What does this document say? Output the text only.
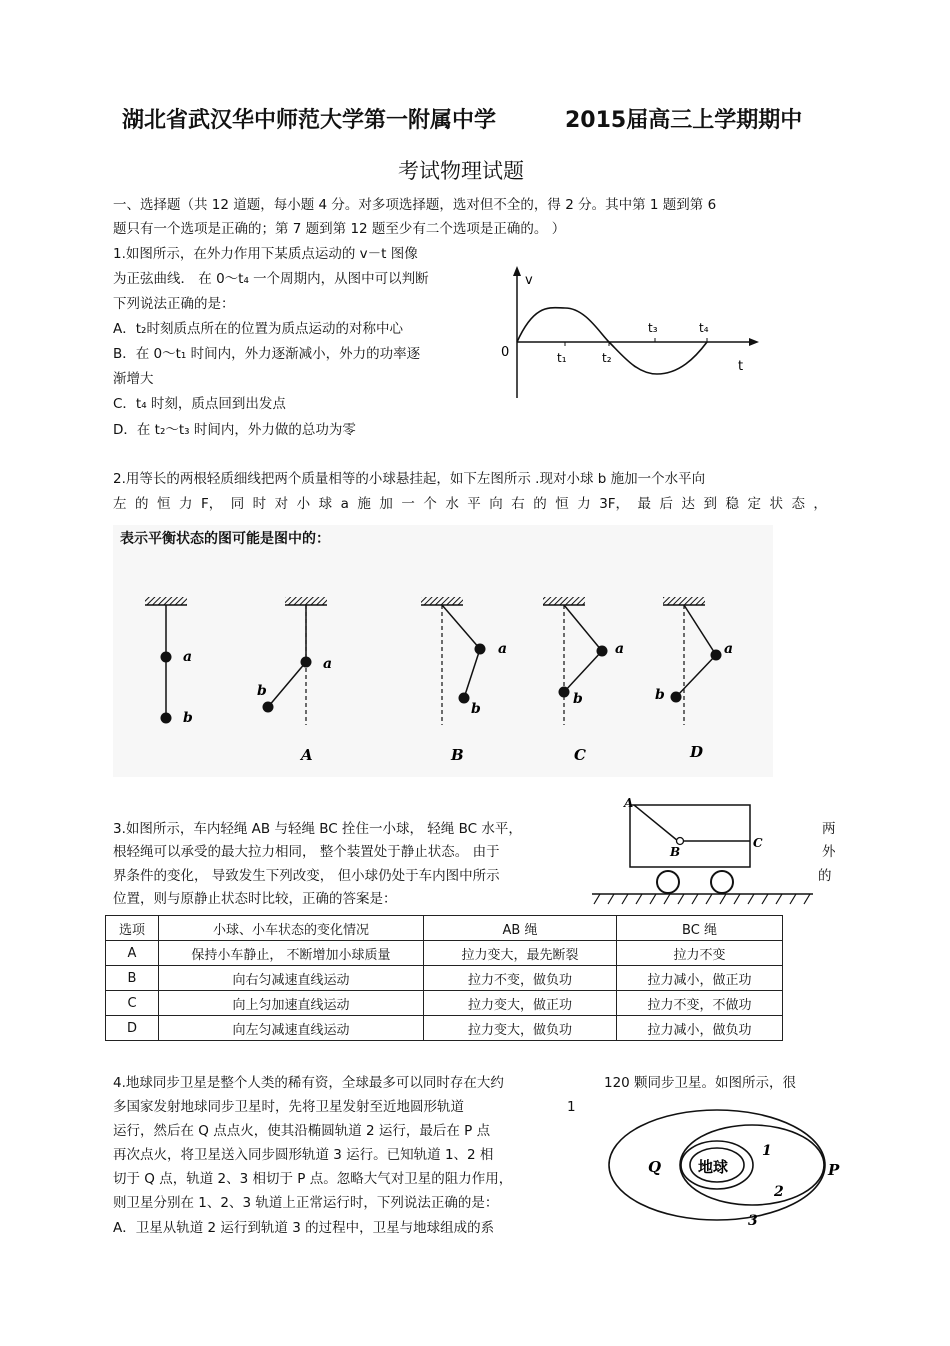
湖北省武汉华中师范大学第一附属中学	2015届高三上学期期中
考试物理试题
一、选择题（共 12 道题，每小题 4 分。对多项选择题，选对但不全的，得 2 分。其中第 1 题到第 6
题只有一个选项是正确的；第 7 题到第 12 题至少有二个选项是正确的。 ）
1.如图所示，在外力作用下某质点运动的 v－t 图像
为正弦曲线． 在 0～t₄ 一个周期内，从图中可以判断
下列说法正确的是：
A．t₂时刻质点所在的位置为质点运动的对称中心
B．在 0～t₁ 时间内，外力逐渐减小，外力的功率逐
渐增大
C．t₄ 时刻，质点回到出发点
D．在 t₂～t₃ 时间内，外力做的总功为零
v
t
0	t₁	t₂
t₃	t₄
2.用等长的两根轻质细线把两个质量相等的小球悬挂起，如下左图所示 .现对小球 b 施加一个水平向
左 的 恒 力 F， 同 时 对 小 球 a 施 加 一 个 水 平 向 右 的 恒 力 3F， 最 后 达 到 稳 定 状 态 ，
表示平衡状态的图可能是图中的：
a
b
a
b
A
a
b
B
a
b
C
a
b
D
3.如图所示，车内轻绳 AB 与轻绳 BC 拴住一小球， 轻绳 BC 水平，	两
根轻绳可以承受的最大拉力相同， 整个装置处于静止状态。 由于	外
界条件的变化， 导致发生下列改变， 但小球仍处于车内图中所示	的
位置，则与原静止状态时比较，正确的答案是：
A
B
C
选项	小球、小车状态的变化情况	AB 绳	BC 绳
A	保持小车静止， 不断增加小球质量	拉力变大，最先断裂	拉力不变
B	向右匀减速直线运动	拉力不变，做负功	拉力减小，做正功
C	向上匀加速直线运动	拉力变大，做正功	拉力不变，不做功
D	向左匀减速直线运动	拉力变大，做负功	拉力减小，做负功
4.地球同步卫星是整个人类的稀有资，全球最多可以同时存在大约	120 颗同步卫星。如图所示，很
多国家发射地球同步卫星时，先将卫星发射至近地圆形轨道	1
运行，然后在 Q 点点火，使其沿椭圆轨道 2 运行，最后在 P 点
再次点火，将卫星送入同步圆形轨道 3 运行。已知轨道 1、2 相
切于 Q 点，轨道 2、3 相切于 P 点。忽略大气对卫星的阻力作用，
则卫星分别在 1、2、3 轨道上正常运行时，下列说法正确的是：
A．卫星从轨道 2 运行到轨道 3 的过程中，卫星与地球组成的系
地球
Q	P
1
2
3
